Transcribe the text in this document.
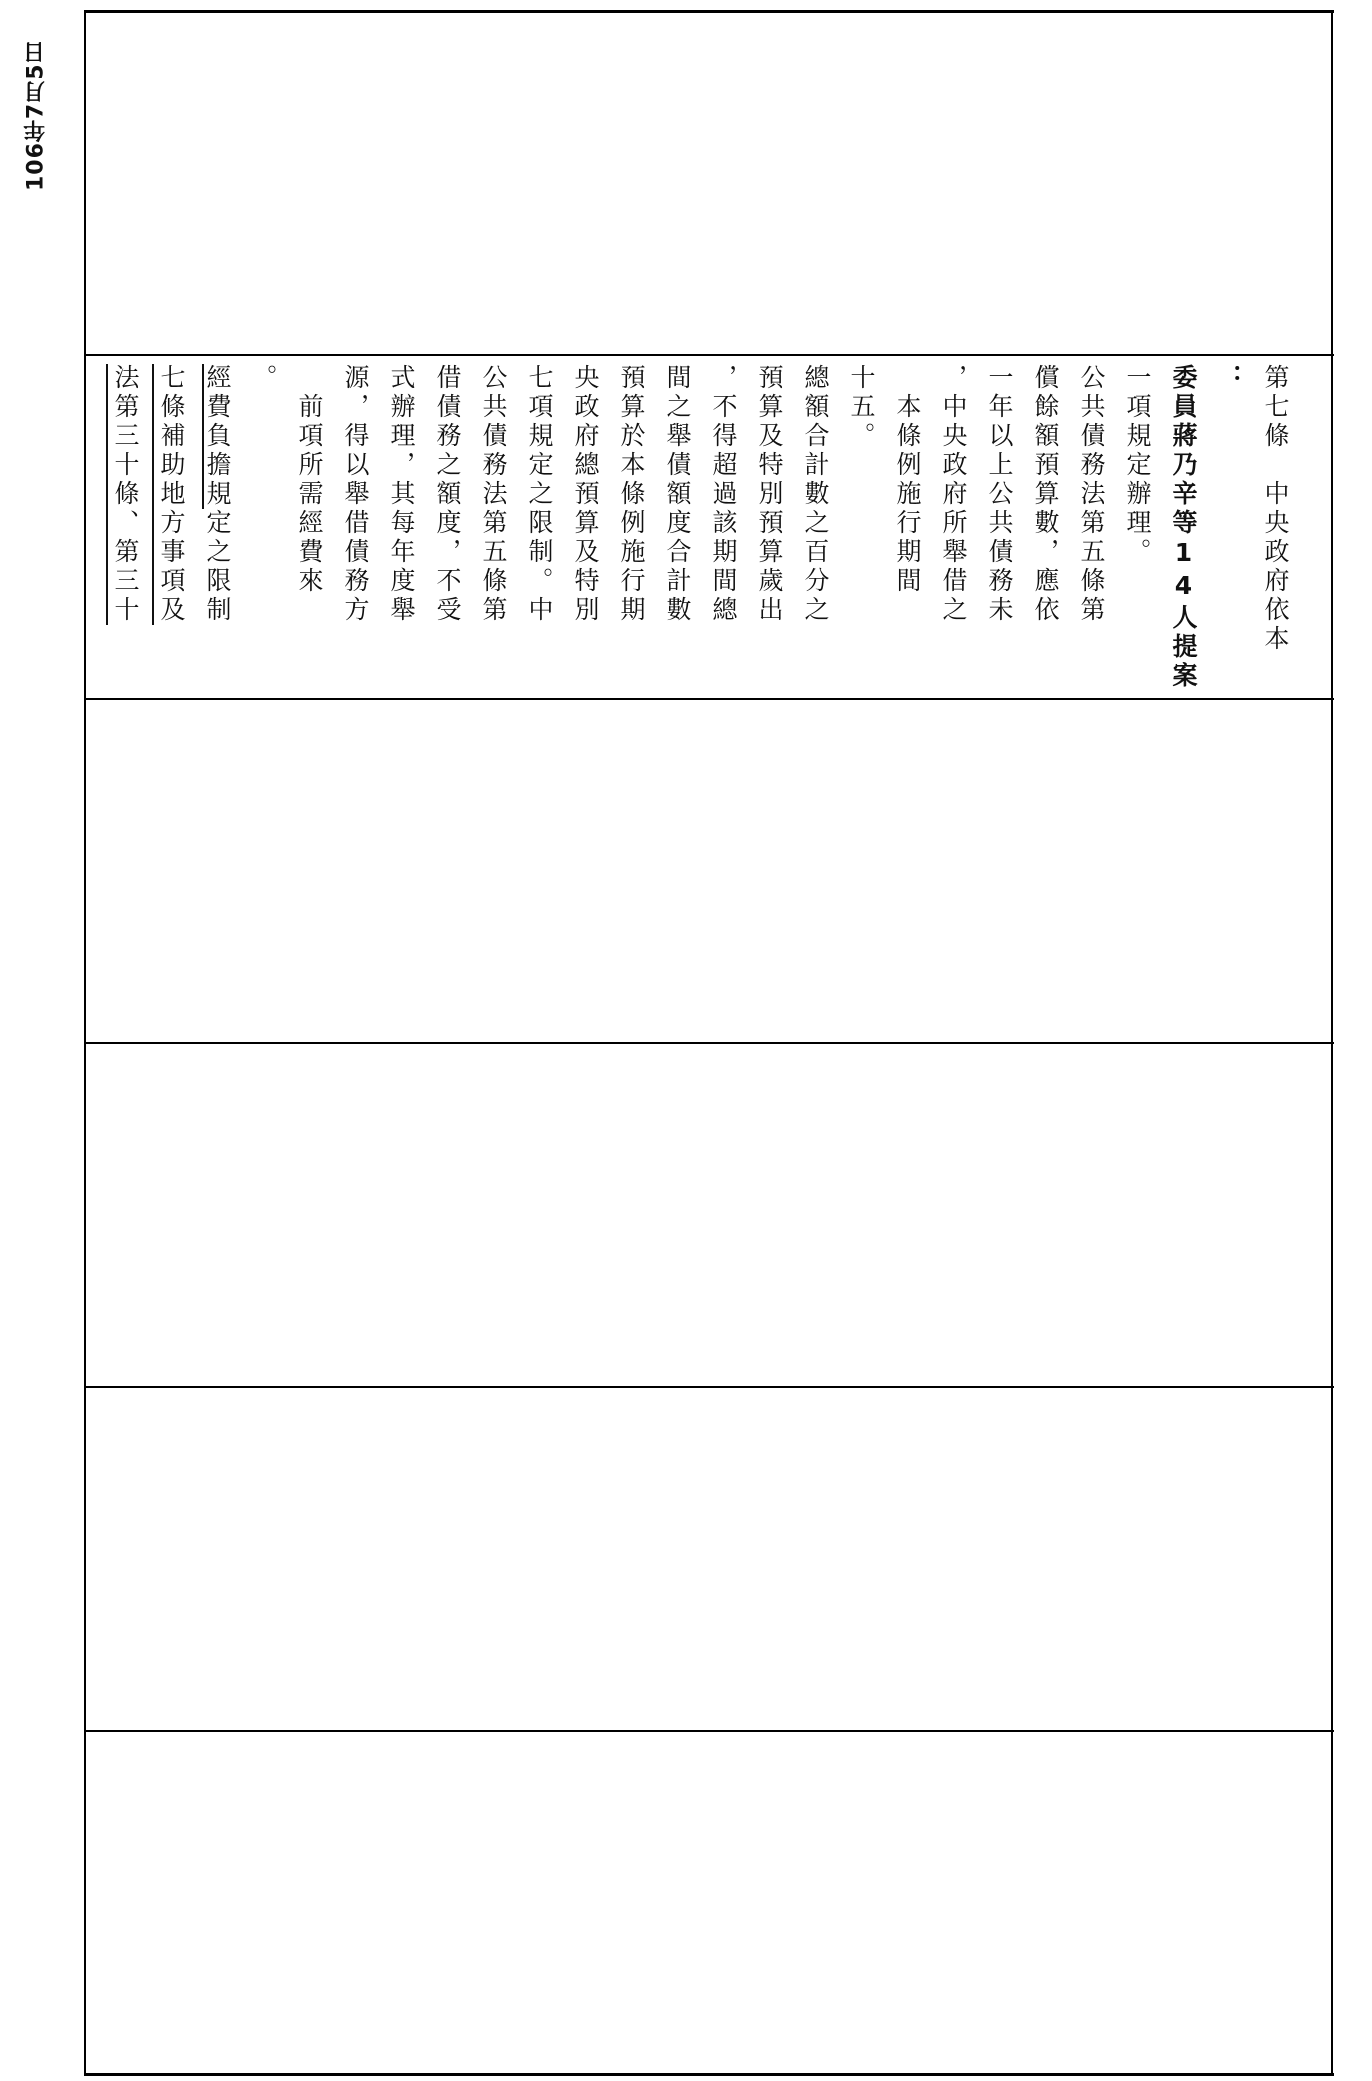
106年7月5日
法第三十條、第三十 七條補助地方事項及 經費負擔規定之限制
。 　前項所需經費來 源，得以舉借債務方 式辦理，其每年度舉 借債務之額度，不受 公共債務法第五條第 七項規定之限制。中 央政府總預算及特別 預算於本條例施行期 間之舉債額度合計數 ，不得超過該期間總 預算及特別預算歲出 總額合計數之百分之 十五。 　本條例施行期間 ，中央政府所舉借之 一年以上公共債務未 償餘額預算數，應依 公共債務法第五條第 一項規定辦理。 委員蔣乃辛等14人提案 ： 第七條　中央政府依本
